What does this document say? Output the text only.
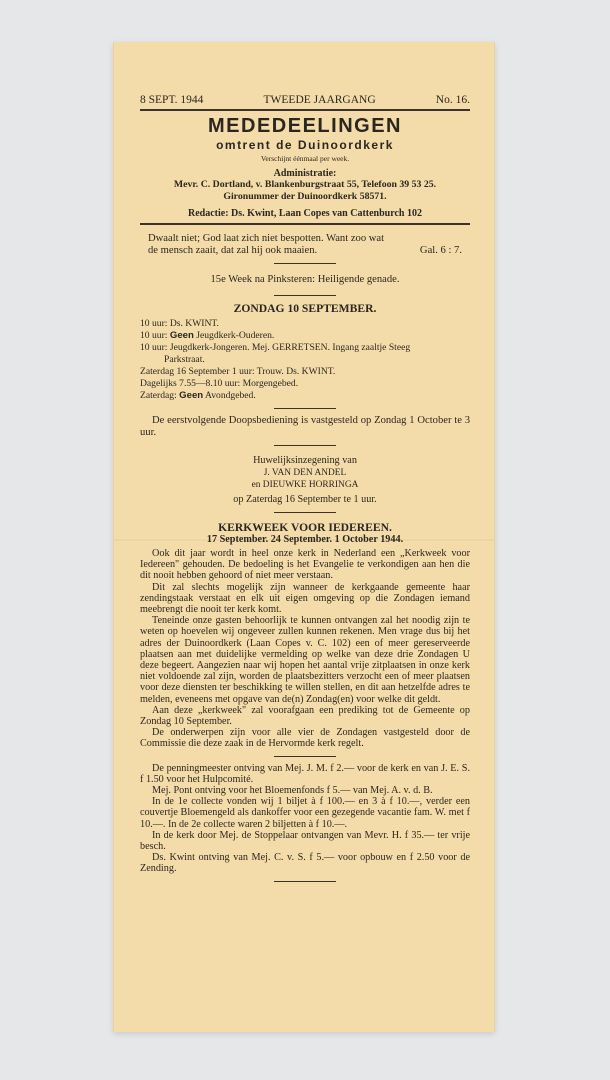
8 SEPT. 1944	TWEEDE JAARGANG	No. 16.
MEDEDEELINGEN
omtrent de Duinoordkerk
Verschijnt éénmaal per week.
Administratie:
Mevr. C. Dortland, v. Blankenburgstraat 55, Telefoon 39 53 25.
Gironummer der Duinoordkerk 58571.
Redactie: Ds. Kwint, Laan Copes van Cattenburch 102
Dwaalt niet; God laat zich niet bespotten. Want zoo wat
de mensch zaait, dat zal hij ook maaien.	Gal. 6 : 7.
15e Week na Pinksteren: Heiligende genade.
ZONDAG 10 SEPTEMBER.
10 uur: Ds. KWINT.
10 uur: Geen Jeugdkerk-Ouderen.
10 uur: Jeugdkerk-Jongeren. Mej. GERRETSEN. Ingang zaaltje Steeg
Parkstraat.
Zaterdag 16 September 1 uur: Trouw. Ds. KWINT.
Dagelijks 7.55—8.10 uur: Morgengebed.
Zaterdag: Geen Avondgebed.

De eerstvolgende Doopsbediening is vastgesteld op Zondag 1 October te 3 uur.

Huwelijksinzegening van
J. VAN DEN ANDEL
en DIEUWKE HORRINGA
op Zaterdag 16 September te 1 uur.
KERKWEEK VOOR IEDEREEN.
17 September. 24 September. 1 October 1944.

Ook dit jaar wordt in heel onze kerk in Nederland een „Kerkweek voor Iedereen" gehouden. De bedoeling is het Evangelie te verkondigen aan hen die dit nooit hebben gehoord of niet meer verstaan.

Dit zal slechts mogelijk zijn wanneer de kerkgaande gemeente haar zendingstaak verstaat en elk uit eigen omgeving op die Zondagen iemand meebrengt die nooit ter kerk komt.

Teneinde onze gasten behoorlijk te kunnen ontvangen zal het noodig zijn te weten op hoevelen wij ongeveer zullen kunnen rekenen. Men vrage dus bij het adres der Duinoordkerk (Laan Copes v. C. 102) een of meer gereserveerde plaatsen aan met duidelijke vermelding op welke van deze drie Zondagen U deze begeert. Aangezien naar wij hopen het aantal vrije zitplaatsen in onze kerk niet voldoende zal zijn, worden de plaatsbezitters verzocht een of meer plaatsen voor deze diensten ter beschikking te willen stellen, en dit aan hetzelfde adres te melden, eveneens met opgave van de(n) Zondag(en) voor welke dit geldt.

Aan deze „kerkweek" zal voorafgaan een prediking tot de Gemeente op Zondag 10 September.

De onderwerpen zijn voor alle vier de Zondagen vastgesteld door de Commissie die deze zaak in de Hervormde kerk regelt.

De penningmeester ontving van Mej. J. M. f 2.— voor de kerk en van J. E. S. f 1.50 voor het Hulpcomité.

Mej. Pont ontving voor het Bloemenfonds f 5.— van Mej. A. v. d. B.

In de 1e collecte vonden wij 1 biljet à f 100.— en 3 à f 10.—, verder een couvertje Bloemengeld als dankoffer voor een gezegende vacantie fam. W. met f 10.—. In de 2e collecte waren 2 biljetten à f 10.—.

In de kerk door Mej. de Stoppelaar ontvangen van Mevr. H. f 35.— ter vrije besch.

Ds. Kwint ontving van Mej. C. v. S. f 5.— voor opbouw en f 2.50 voor de Zending.
